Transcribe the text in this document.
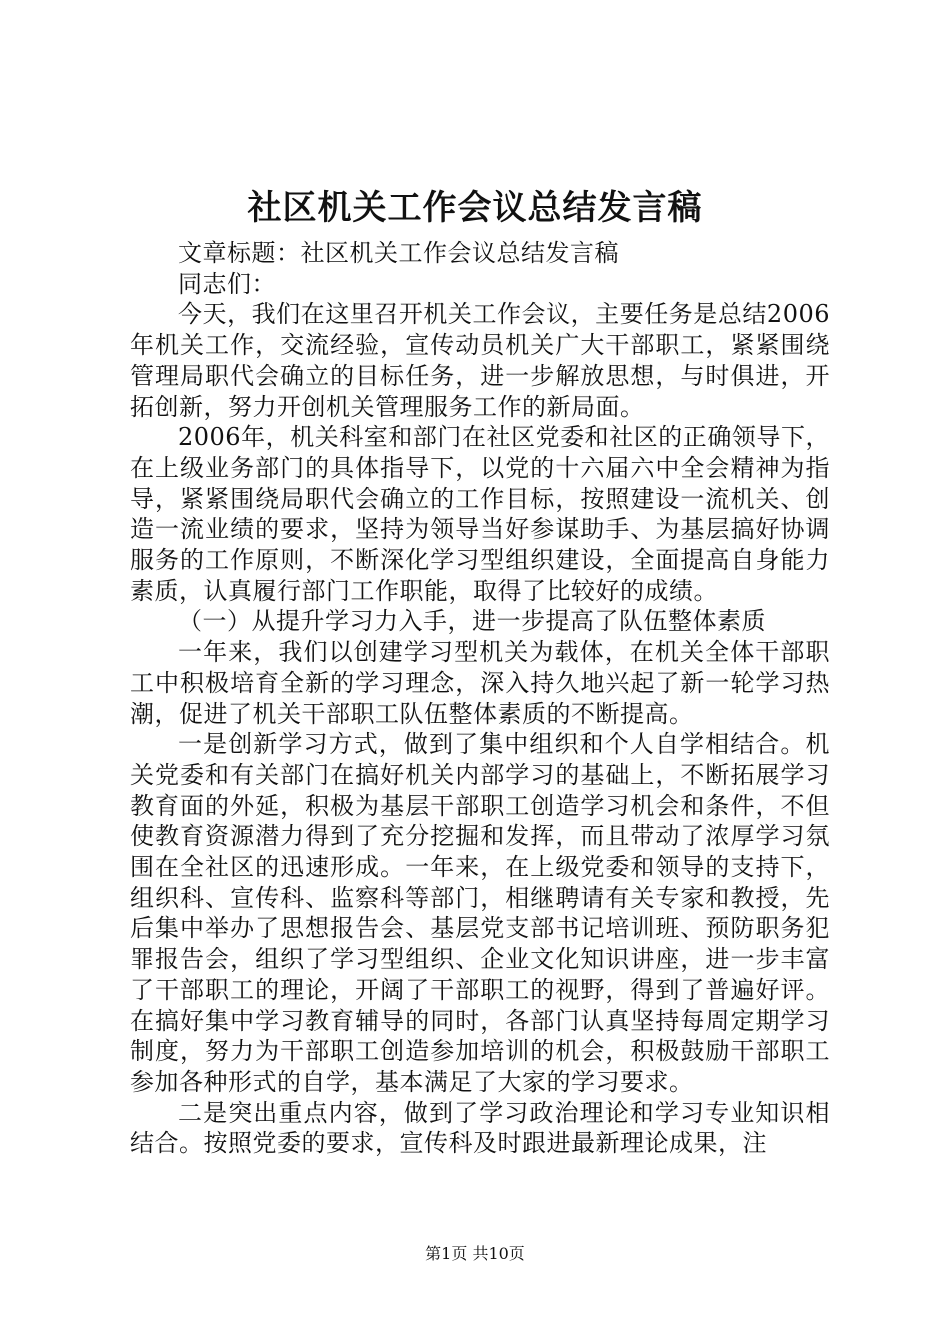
社区机关工作会议总结发言稿

文章标题：社区机关工作会议总结发言稿

同志们：

今天，我们在这里召开机关工作会议，主要任务是总结2006年机关工作，交流经验，宣传动员机关广大干部职工，紧紧围绕管理局职代会确立的目标任务，进一步解放思想，与时俱进，开拓创新，努力开创机关管理服务工作的新局面。

2006年，机关科室和部门在社区党委和社区的正确领导下，在上级业务部门的具体指导下，以党的十六届六中全会精神为指导，紧紧围绕局职代会确立的工作目标，按照建设一流机关、创造一流业绩的要求，坚持为领导当好参谋助手、为基层搞好协调服务的工作原则，不断深化学习型组织建设，全面提高自身能力素质，认真履行部门工作职能，取得了比较好的成绩。

（一）从提升学习力入手，进一步提高了队伍整体素质

一年来，我们以创建学习型机关为载体，在机关全体干部职工中积极培育全新的学习理念，深入持久地兴起了新一轮学习热潮，促进了机关干部职工队伍整体素质的不断提高。

一是创新学习方式，做到了集中组织和个人自学相结合。机关党委和有关部门在搞好机关内部学习的基础上，不断拓展学习教育面的外延，积极为基层干部职工创造学习机会和条件，不但使教育资源潜力得到了充分挖掘和发挥，而且带动了浓厚学习氛围在全社区的迅速形成。一年来，在上级党委和领导的支持下，组织科、宣传科、监察科等部门，相继聘请有关专家和教授，先后集中举办了思想报告会、基层党支部书记培训班、预防职务犯罪报告会，组织了学习型组织、企业文化知识讲座，进一步丰富了干部职工的理论，开阔了干部职工的视野，得到了普遍好评。在搞好集中学习教育辅导的同时，各部门认真坚持每周定期学习制度，努力为干部职工创造参加培训的机会，积极鼓励干部职工参加各种形式的自学，基本满足了大家的学习要求。

二是突出重点内容，做到了学习政治理论和学习专业知识相结合。按照党委的要求，宣传科及时跟进最新理论成果，注

第1页 共10页
